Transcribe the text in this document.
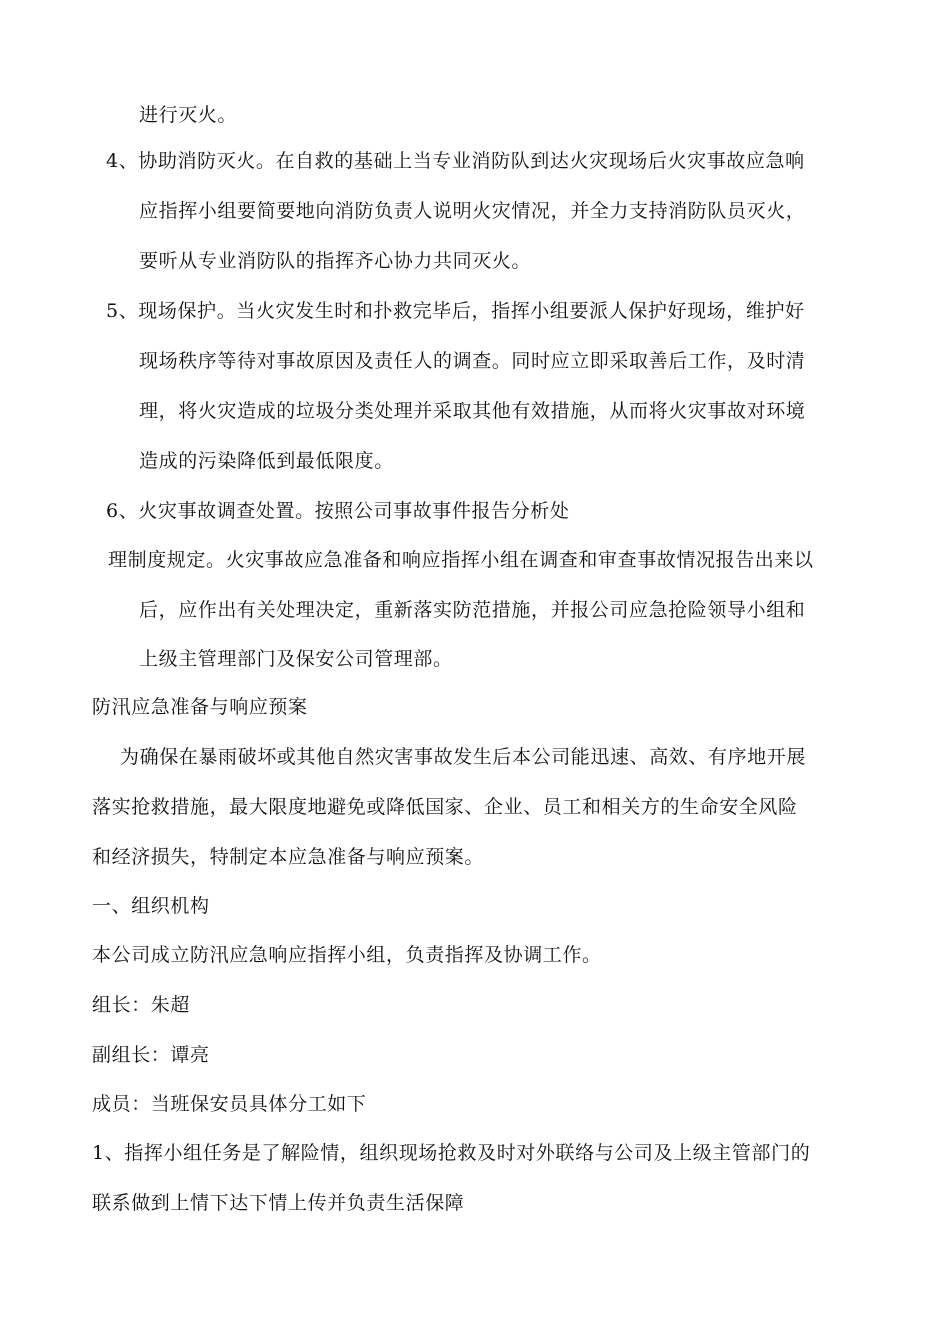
进行灭火。
4、协助消防灭火。在自救的基础上当专业消防队到达火灾现场后火灾事故应急响
应指挥小组要简要地向消防负责人说明火灾情况，并全力支持消防队员灭火，
要听从专业消防队的指挥齐心协力共同灭火。
5、现场保护。当火灾发生时和扑救完毕后，指挥小组要派人保护好现场，维护好
现场秩序等待对事故原因及责任人的调查。同时应立即采取善后工作，及时清
理，将火灾造成的垃圾分类处理并采取其他有效措施，从而将火灾事故对环境
造成的污染降低到最低限度。
6、火灾事故调查处置。按照公司事故事件报告分析处
理制度规定。火灾事故应急准备和响应指挥小组在调查和审查事故情况报告出来以
后，应作出有关处理决定，重新落实防范措施，并报公司应急抢险领导小组和
上级主管理部门及保安公司管理部。
防汛应急准备与响应预案
为确保在暴雨破坏或其他自然灾害事故发生后本公司能迅速、高效、有序地开展
落实抢救措施，最大限度地避免或降低国家、企业、员工和相关方的生命安全风险
和经济损失，特制定本应急准备与响应预案。
一、组织机构
本公司成立防汛应急响应指挥小组，负责指挥及协调工作。
组长：朱超
副组长：谭亮
成员：当班保安员具体分工如下
1、指挥小组任务是了解险情，组织现场抢救及时对外联络与公司及上级主管部门的
联系做到上情下达下情上传并负责生活保障
